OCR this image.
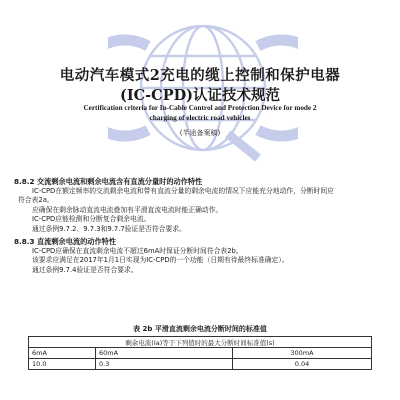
电动汽车模式2充电的缆上控制和保护电器
(IC-CPD)认证技术规范
Certification criteria for In-Cable Control and Protection Device for mode 2
charging of electric road vehicles
(半途备案稿)

8.8.2 交流剩余电流和剩余电流含有直流分量时的动作特性

IC-CPD在额定频率的交流剩余电流和带有直流分量的剩余电流的情况下应能充分地动作，分断时间应

符合表2a。

应确保在剩余脉动直流电流叠加有平滑直流电流时能正确动作。

IC-CPD应能检测和分断复合剩余电流。

通过条例9.7.2、9.7.3和9.7.7验证是否符合要求。

8.8.3 直流剩余电流的动作特性

IC-CPD应确保在直流剩余电流不超过6mA时保证分断时间符合表2b。

该要求应满足在2017年1月1日实现为IC-CPD的一个功能（日期有待最终标准确定）。

通过条例9.7.4验证是否符合要求。

表 2b 平滑直流剩余电流分断时间的标准值
剩余电流(Ia)等于下列值时的最大分断时间标准值(s)		
6mA	60mA	300mA
10.0	0.3	0.04
